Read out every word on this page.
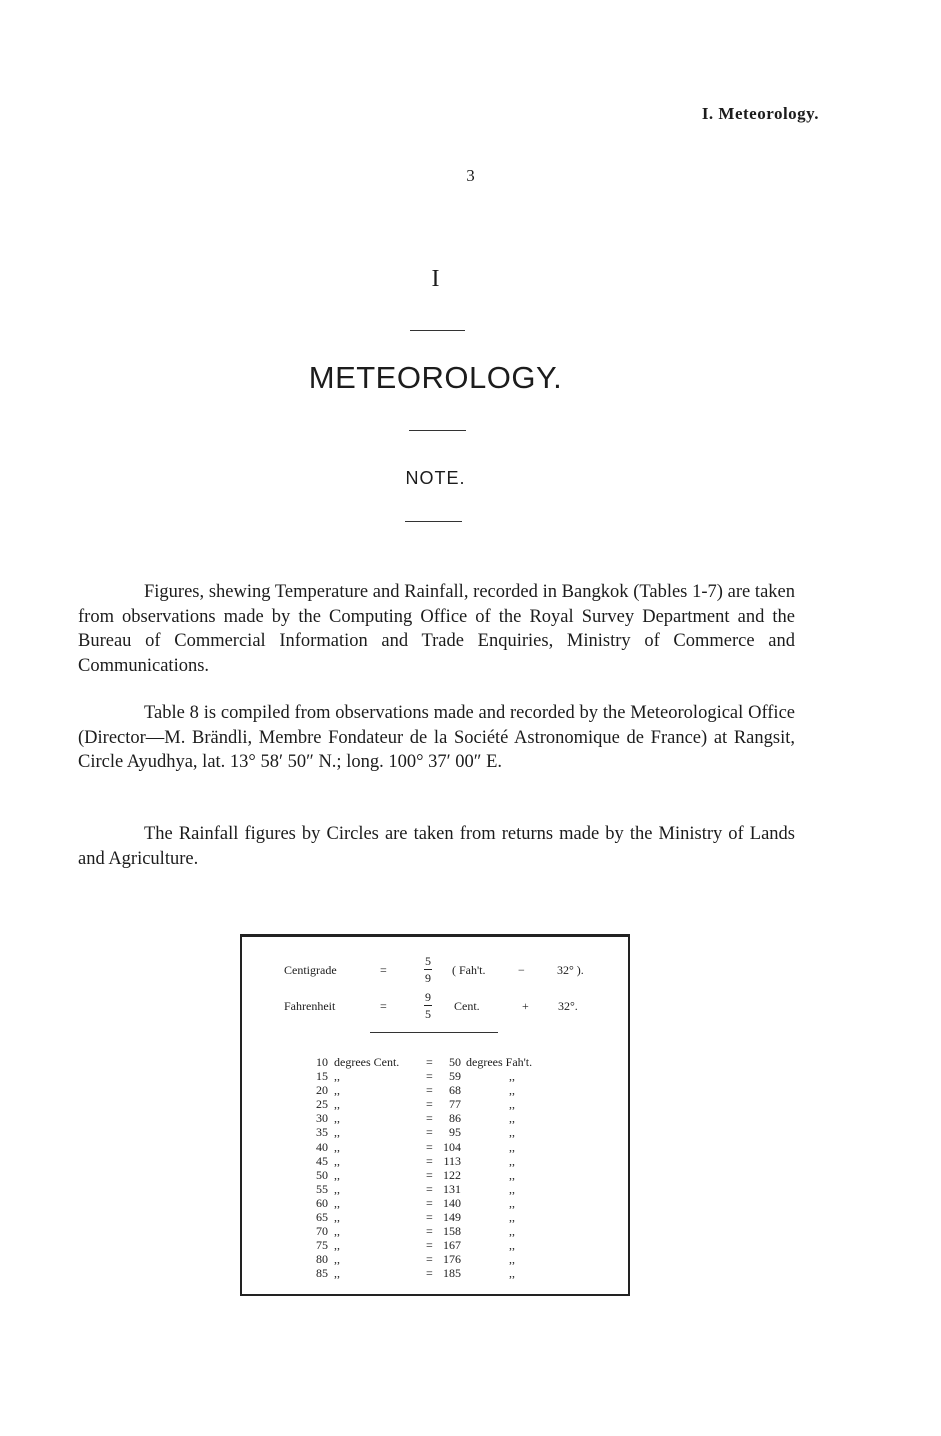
I. Meteorology.
3
I
METEOROLOGY.
NOTE.

Figures, shewing Temperature and Rainfall, recorded in Bangkok (Tables 1-7) are taken from observations made by the Computing Office of the Royal Survey Department and the Bureau of Commercial Information and Trade Enquiries, Ministry of Commerce and Communications.

Table 8 is compiled from observations made and recorded by the Meteorological Office (Director—M. Brändli, Membre Fondateur de la Société Astronomique de France) at Rangsit, Circle Ayudhya, lat. 13° 58′ 50″ N.; long. 100° 37′ 00″ E.

The Rainfall figures by Circles are taken from returns made by the Ministry of Lands and Agriculture.

Centigrade	=
5
9
( Fah't.	−	32° ).
Fahrenheit	=
9
5
Cent.	+ 32°.
10 degrees Cent. =	50 degrees Fah't.
15 ,,	=	59	,,
20 ,,	=	68	,,
25 ,,	=	77	,,
30 ,,	=	86	,,
35 ,,	=	95	,,
40 ,,	= 104	,,
45 ,,	= 113	,,
50 ,,	= 122	,,
55 ,,	= 131	,,
60 ,,	= 140	,,
65 ,,	= 149	,,
70 ,,	= 158	,,
75 ,,	= 167	,,
80 ,,	= 176	,,
85 ,,	= 185	,,
